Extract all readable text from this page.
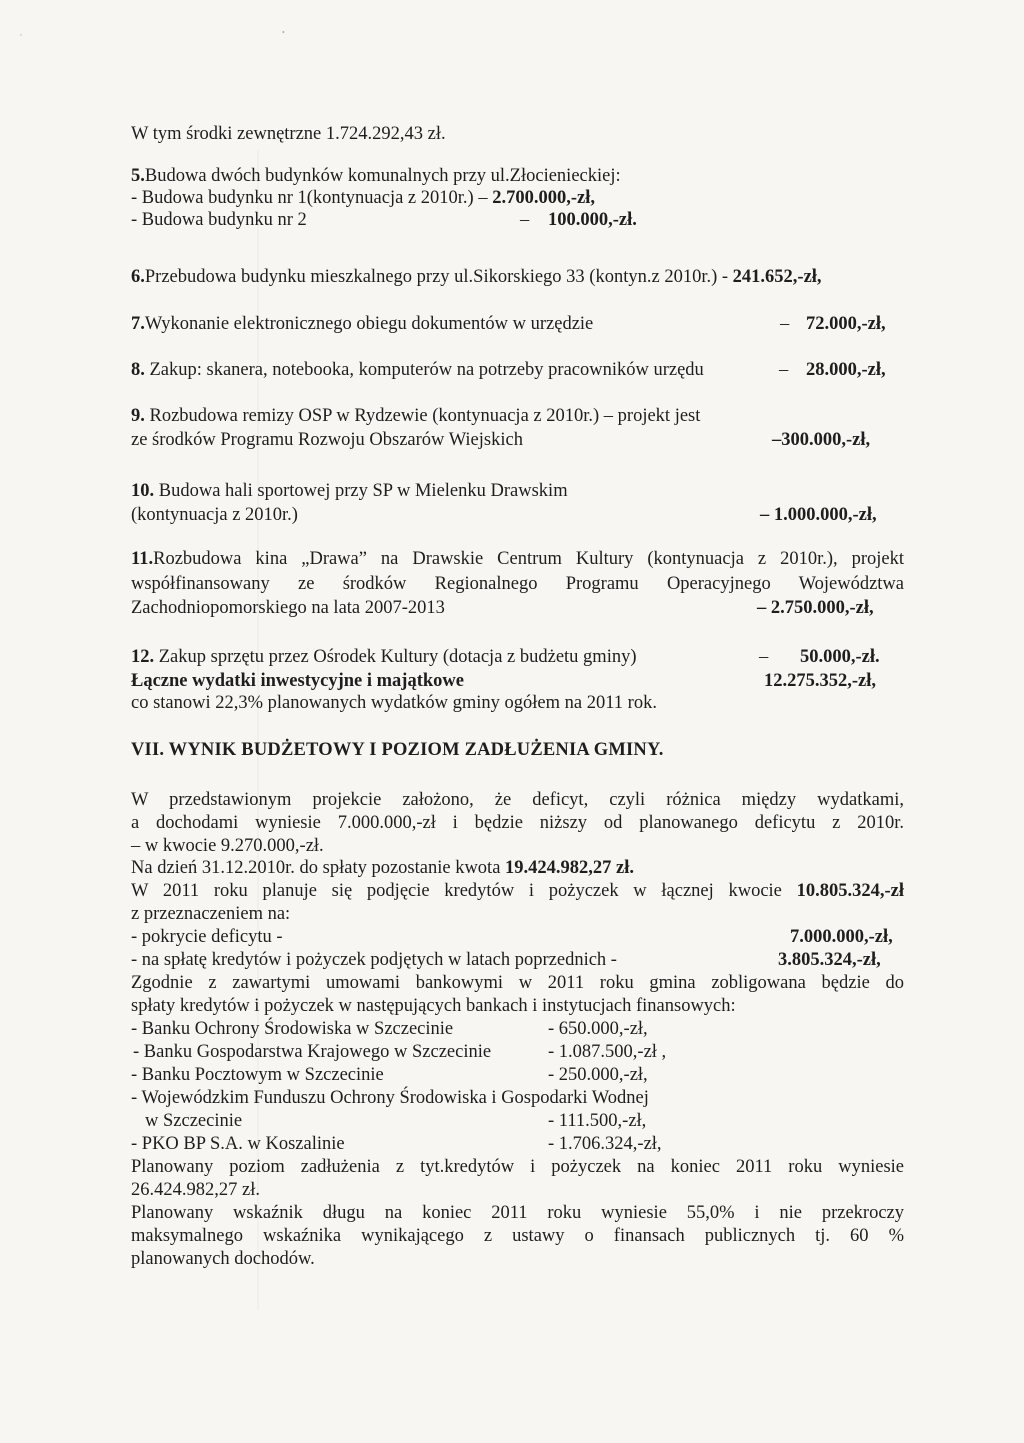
,                                                                                                                                  •
W tym środki zewnętrzne 1.724.292,43 zł.
5.Budowa dwóch budynków komunalnych przy ul.Złocienieckiej:
- Budowa budynku nr 1(kontynuacja z 2010r.) – 2.700.000,-zł,
- Budowa budynku nr 2	– 100.000,-zł.
6.Przebudowa budynku mieszkalnego przy ul.Sikorskiego 33 (kontyn.z 2010r.) - 241.652,-zł,
7.Wykonanie elektronicznego obiegu dokumentów w urzędzie	– 72.000,-zł,
8. Zakup: skanera, notebooka, komputerów na potrzeby pracowników urzędu	– 28.000,-zł,
9. Rozbudowa remizy OSP w Rydzewie (kontynuacja z 2010r.) – projekt jest
ze środków Programu Rozwoju Obszarów Wiejskich	–300.000,-zł,
10. Budowa hali sportowej przy SP w Mielenku Drawskim
(kontynuacja z 2010r.)	– 1.000.000,-zł,
11.Rozbudowa kina „Drawa” na Drawskie Centrum Kultury (kontynuacja z 2010r.), projekt
współfinansowany ze środków Regionalnego Programu Operacyjnego Województwa
Zachodniopomorskiego na lata 2007-2013	– 2.750.000,-zł,
12. Zakup sprzętu przez Ośrodek Kultury (dotacja z budżetu gminy)	– 50.000,-zł.
Łączne wydatki inwestycyjne i majątkowe	12.275.352,-zł,
co stanowi 22,3% planowanych wydatków gminy ogółem na 2011 rok.
VII. WYNIK BUDŻETOWY I POZIOM ZADŁUŻENIA GMINY.
W przedstawionym projekcie założono, że deficyt, czyli różnica między wydatkami,
a dochodami wyniesie 7.000.000,-zł i będzie niższy od planowanego deficytu z 2010r.
– w kwocie 9.270.000,-zł.
Na dzień 31.12.2010r. do spłaty pozostanie kwota 19.424.982,27 zł.
W 2011 roku planuje się podjęcie kredytów i pożyczek w łącznej kwocie 10.805.324,-zł
z przeznaczeniem na:
- pokrycie deficytu -	7.000.000,-zł,
- na spłatę kredytów i pożyczek podjętych w latach poprzednich -	3.805.324,-zł,
Zgodnie z zawartymi umowami bankowymi w 2011 roku gmina zobligowana będzie do
spłaty kredytów i pożyczek w następujących bankach i instytucjach finansowych:
- Banku Ochrony Środowiska w Szczecinie	- 650.000,-zł,
- Banku Gospodarstwa Krajowego w Szczecinie	- 1.087.500,-zł ,
- Banku Pocztowym w Szczecinie	- 250.000,-zł,
- Wojewódzkim Funduszu Ochrony Środowiska i Gospodarki Wodnej
w Szczecinie	- 111.500,-zł,
- PKO BP S.A. w Koszalinie	- 1.706.324,-zł,
Planowany poziom zadłużenia z tyt.kredytów i pożyczek na koniec 2011 roku wyniesie
26.424.982,27 zł.
Planowany wskaźnik długu na koniec 2011 roku wyniesie 55,0% i nie przekroczy
maksymalnego wskaźnika wynikającego z ustawy o finansach publicznych tj. 60 %
planowanych dochodów.
